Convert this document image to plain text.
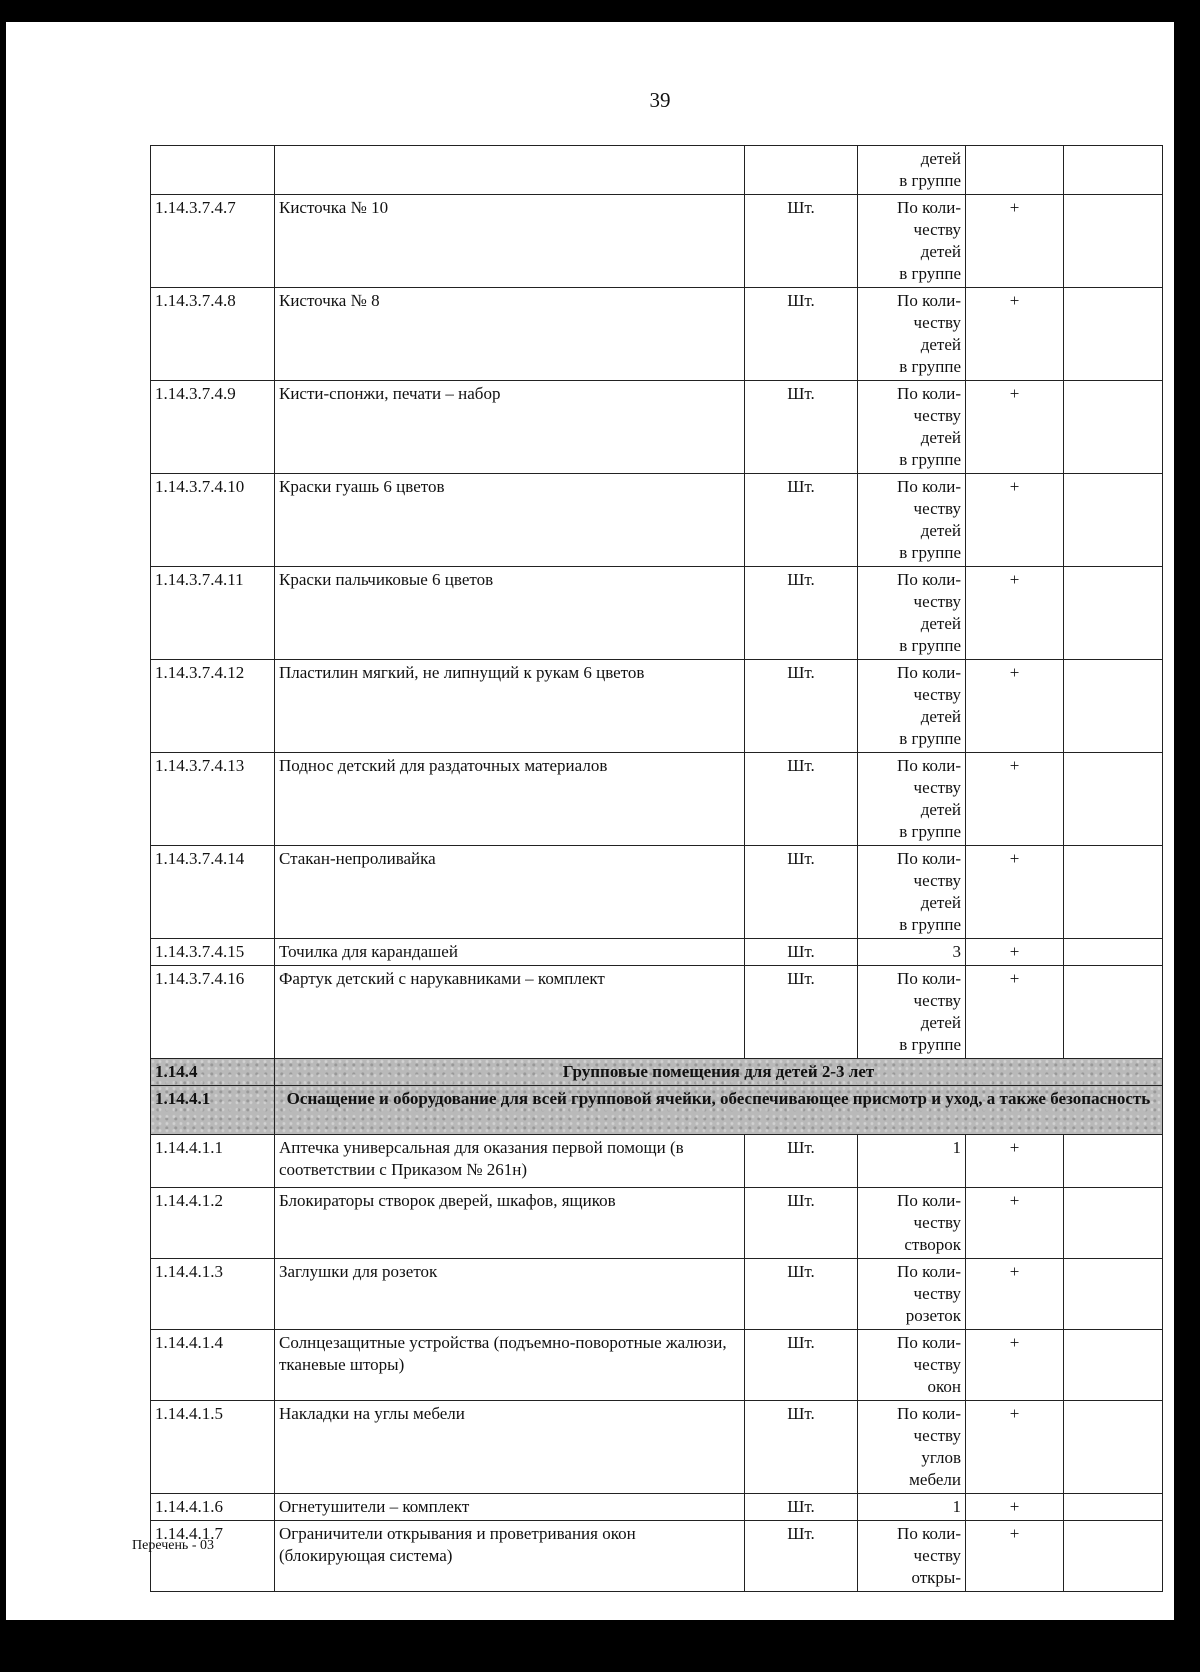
39
			детей
в группе		
1.14.3.7.4.7	Кисточка № 10	Шт.	По коли-
честву
детей
в группе	+	
1.14.3.7.4.8	Кисточка № 8	Шт.	По коли-
честву
детей
в группе	+	
1.14.3.7.4.9	Кисти-спонжи, печати – набор	Шт.	По коли-
честву
детей
в группе	+	
1.14.3.7.4.10	Краски гуашь 6 цветов	Шт.	По коли-
честву
детей
в группе	+	
1.14.3.7.4.11	Краски пальчиковые 6 цветов	Шт.	По коли-
честву
детей
в группе	+	
1.14.3.7.4.12	Пластилин мягкий, не липнущий к рукам 6 цветов	Шт.	По коли-
честву
детей
в группе	+	
1.14.3.7.4.13	Поднос детский для раздаточных материалов	Шт.	По коли-
честву
детей
в группе	+	
1.14.3.7.4.14	Стакан-непроливайка	Шт.	По коли-
честву
детей
в группе	+	
1.14.3.7.4.15	Точилка для карандашей	Шт.	3	+	
1.14.3.7.4.16	Фартук детский с нарукавниками – комплект	Шт.	По коли-
честву
детей
в группе	+	
1.14.4	Групповые помещения для детей 2-3 лет				
1.14.4.1	Оснащение и оборудование для всей групповой ячейки, обеспечивающее присмотр и уход, а также безопасность				
1.14.4.1.1	Аптечка универсальная для оказания первой помощи (в соответствии с Приказом № 261н)	Шт.	1	+	
1.14.4.1.2	Блокираторы створок дверей, шкафов, ящиков	Шт.	По коли-
честву
створок	+	
1.14.4.1.3	Заглушки для розеток	Шт.	По коли-
честву
розеток	+	
1.14.4.1.4	Солнцезащитные устройства (подъемно-поворотные жалюзи, тканевые шторы)	Шт.	По коли-
честву
окон	+	
1.14.4.1.5	Накладки на углы мебели	Шт.	По коли-
честву
углов
мебели	+	
1.14.4.1.6	Огнетушители – комплект	Шт.	1	+	
1.14.4.1.7	Ограничители открывания и проветривания окон (блокирующая система)	Шт.	По коли-
честву
откры-	+	
Перечень - 03
